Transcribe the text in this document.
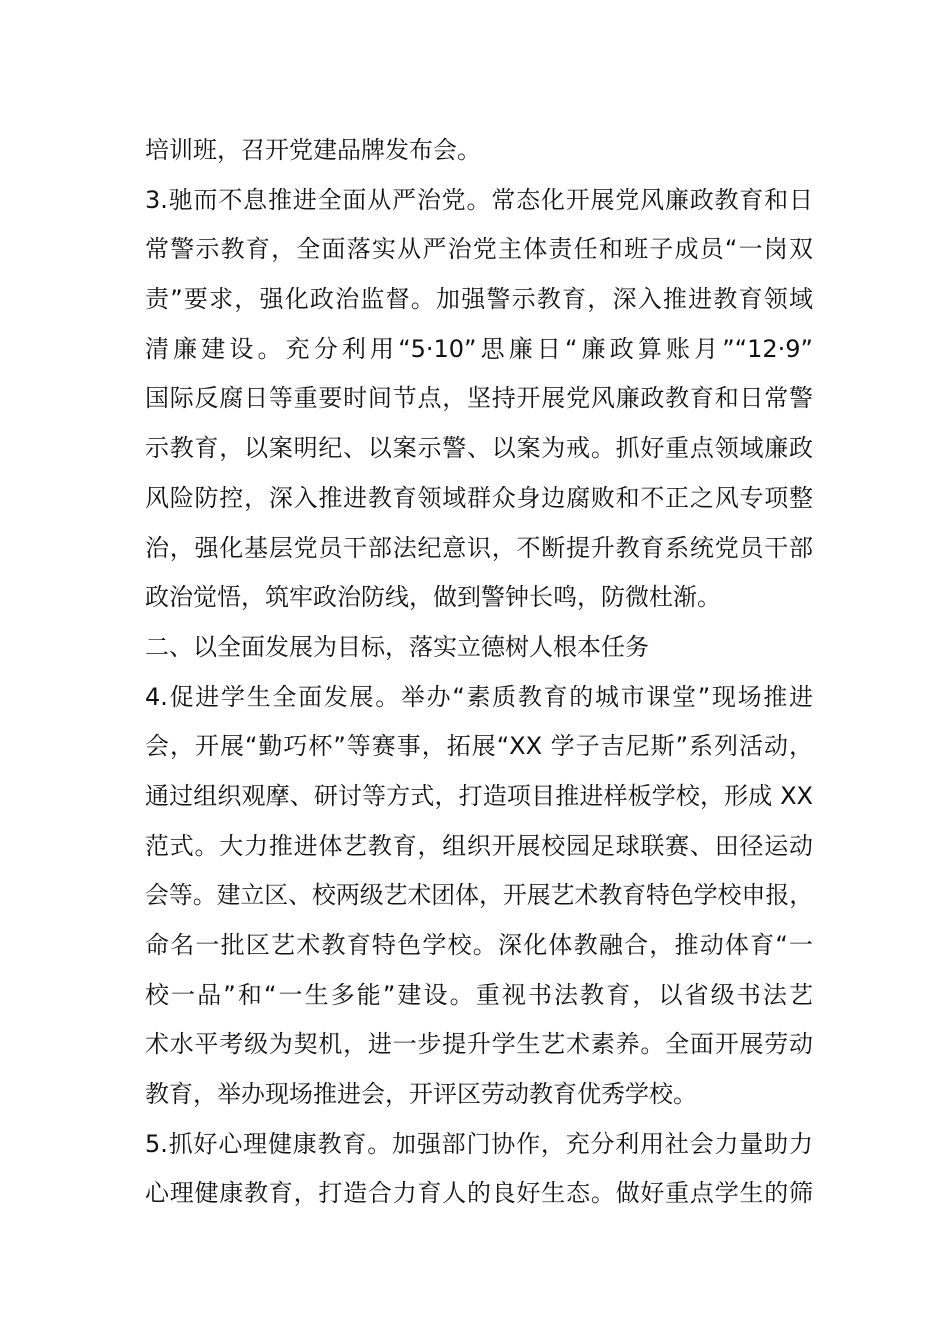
培训班，召开党建品牌发布会。
3.驰而不息推进全面从严治党。常态化开展党风廉政教育和日
常警示教育，全面落实从严治党主体责任和班子成员“一岗双
责”要求，强化政治监督。加强警示教育，深入推进教育领域
清廉建设。充分利用“5·10”思廉日“廉政算账月”“12·9”
国际反腐日等重要时间节点，坚持开展党风廉政教育和日常警
示教育，以案明纪、以案示警、以案为戒。抓好重点领域廉政
风险防控，深入推进教育领域群众身边腐败和不正之风专项整
治，强化基层党员干部法纪意识，不断提升教育系统党员干部
政治觉悟，筑牢政治防线，做到警钟长鸣，防微杜渐。
二、以全面发展为目标，落实立德树人根本任务
4.促进学生全面发展。举办“素质教育的城市课堂”现场推进
会，开展“勤巧杯”等赛事，拓展“XX 学子吉尼斯”系列活动，
通过组织观摩、研讨等方式，打造项目推进样板学校，形成 XX
范式。大力推进体艺教育，组织开展校园足球联赛、田径运动
会等。建立区、校两级艺术团体，开展艺术教育特色学校申报，
命名一批区艺术教育特色学校。深化体教融合，推动体育“一
校一品”和“一生多能”建设。重视书法教育，以省级书法艺
术水平考级为契机，进一步提升学生艺术素养。全面开展劳动
教育，举办现场推进会，开评区劳动教育优秀学校。
5.抓好心理健康教育。加强部门协作，充分利用社会力量助力
心理健康教育，打造合力育人的良好生态。做好重点学生的筛
